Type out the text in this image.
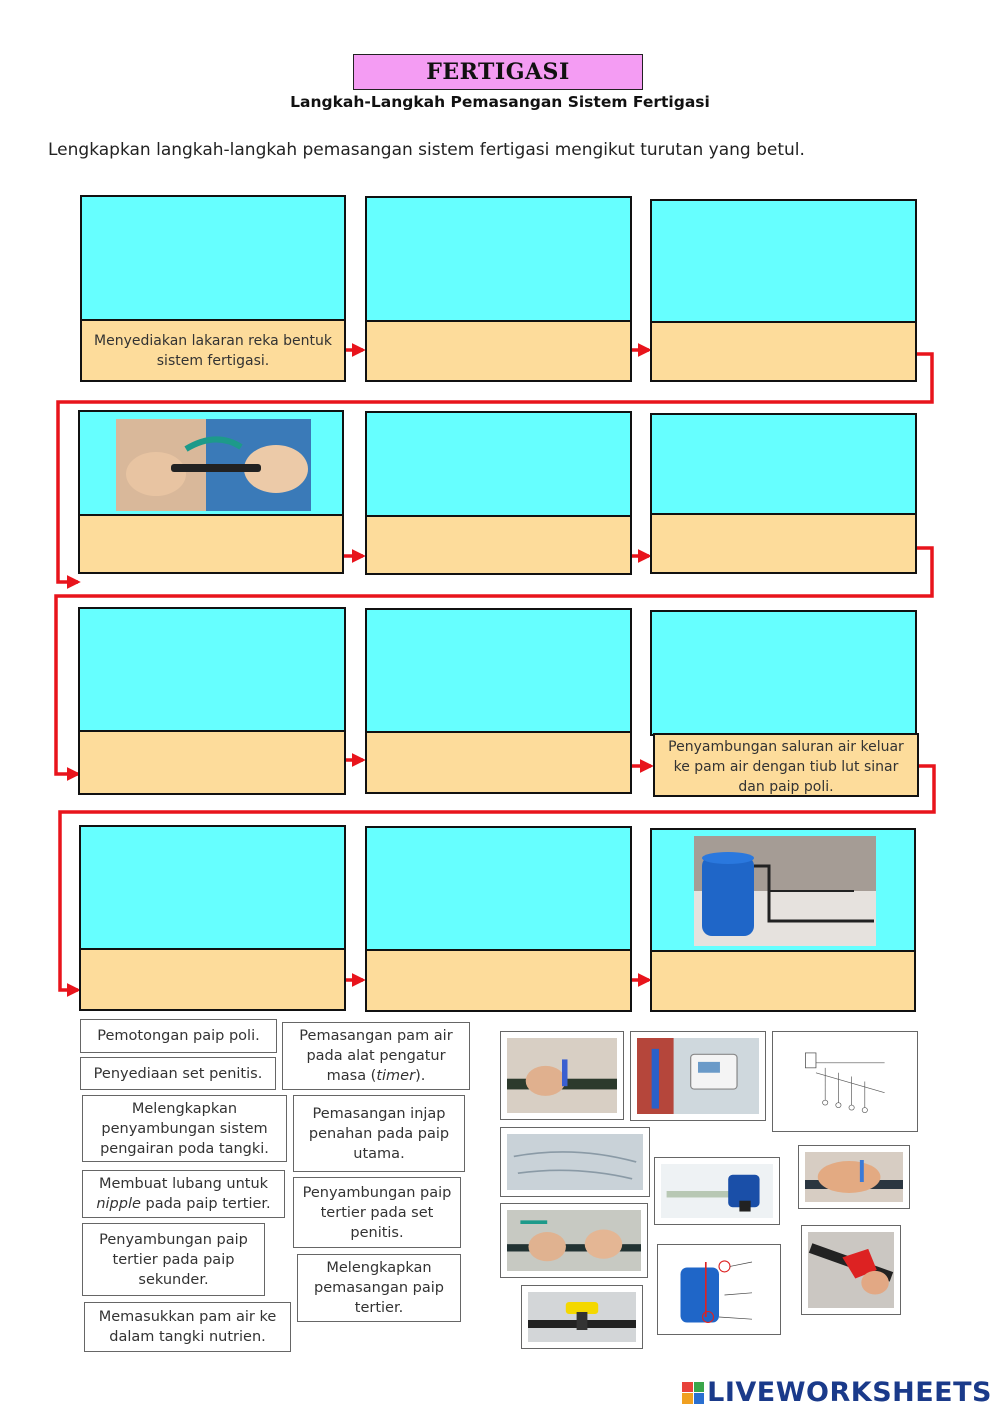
FERTIGASI
Langkah-Langkah Pemasangan Sistem Fertigasi
Lengkapkan langkah-langkah pemasangan sistem fertigasi mengikut turutan yang betul.
Menyediakan lakaran reka bentuk sistem fertigasi.
Penyambungan saluran air keluar ke pam air dengan tiub lut sinar dan paip poli.
Pemotongan paip poli.
Penyediaan set penitis.
Melengkapkan penyambungan sistem pengairan poda tangki.
Membuat lubang untuk nipple pada paip tertier.
Penyambungan paip tertier pada paip sekunder.
Memasukkan pam air ke dalam tangki nutrien.
Pemasangan pam air pada alat pengatur masa (timer).
Pemasangan injap penahan pada paip utama.
Penyambungan paip tertier pada set penitis.
Melengkapkan pemasangan paip tertier.
LIVEWORKSHEETS
